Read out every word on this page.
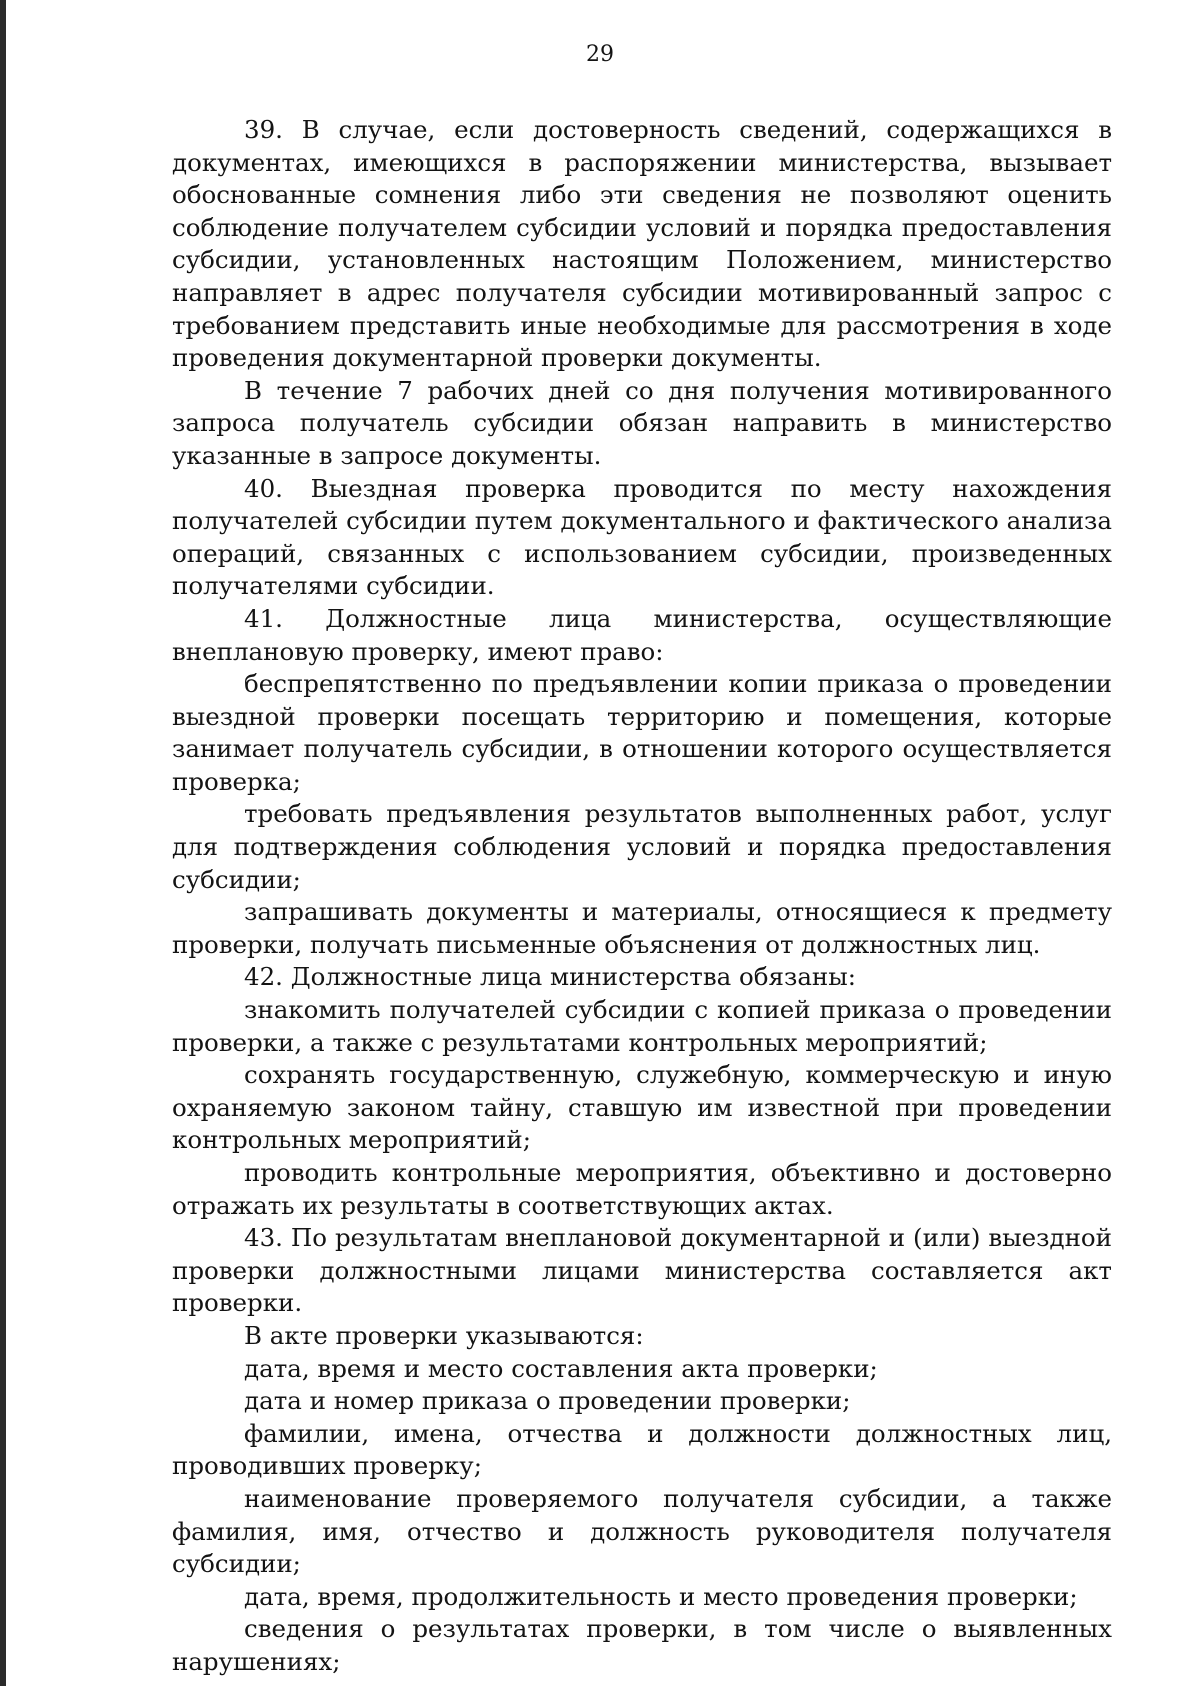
29

39. В случае, если достоверность сведений, содержащихся в документах, имеющихся в распоряжении министерства, вызывает обоснованные сомнения либо эти сведения не позволяют оценить соблюдение получателем субсидии условий и порядка предоставления субсидии, установленных настоящим Положением, министерство направляет в адрес получателя субсидии мотивированный запрос с требованием представить иные необходимые для рассмотрения в ходе проведения документарной проверки документы.

В течение 7 рабочих дней со дня получения мотивированного запроса получатель субсидии обязан направить в министерство указанные в запросе документы.

40. Выездная проверка проводится по месту нахождения получателей субсидии путем документального и фактического анализа операций, связанных с использованием субсидии, произведенных получателями субсидии.

41. Должностные лица министерства, осуществляющие внеплановую проверку, имеют право:

беспрепятственно по предъявлении копии приказа о проведении выездной проверки посещать территорию и помещения, которые занимает получатель субсидии, в отношении которого осуществляется проверка;

требовать предъявления результатов выполненных работ, услуг для подтверждения соблюдения условий и порядка предоставления субсидии;

запрашивать документы и материалы, относящиеся к предмету проверки, получать письменные объяснения от должностных лиц.

42. Должностные лица министерства обязаны:

знакомить получателей субсидии с копией приказа о проведении проверки, а также с результатами контрольных мероприятий;

сохранять государственную, служебную, коммерческую и иную охраняемую законом тайну, ставшую им известной при проведении контрольных мероприятий;

проводить контрольные мероприятия, объективно и достоверно отражать их результаты в соответствующих актах.

43. По результатам внеплановой документарной и (или) выездной проверки должностными лицами министерства составляется акт проверки.

В акте проверки указываются:

дата, время и место составления акта проверки;

дата и номер приказа о проведении проверки;

фамилии, имена, отчества и должности должностных лиц, проводивших проверку;

наименование проверяемого получателя субсидии, а также фамилия, имя, отчество и должность руководителя получателя субсидии;

дата, время, продолжительность и место проведения проверки;

сведения о результатах проверки, в том числе о выявленных нарушениях;
